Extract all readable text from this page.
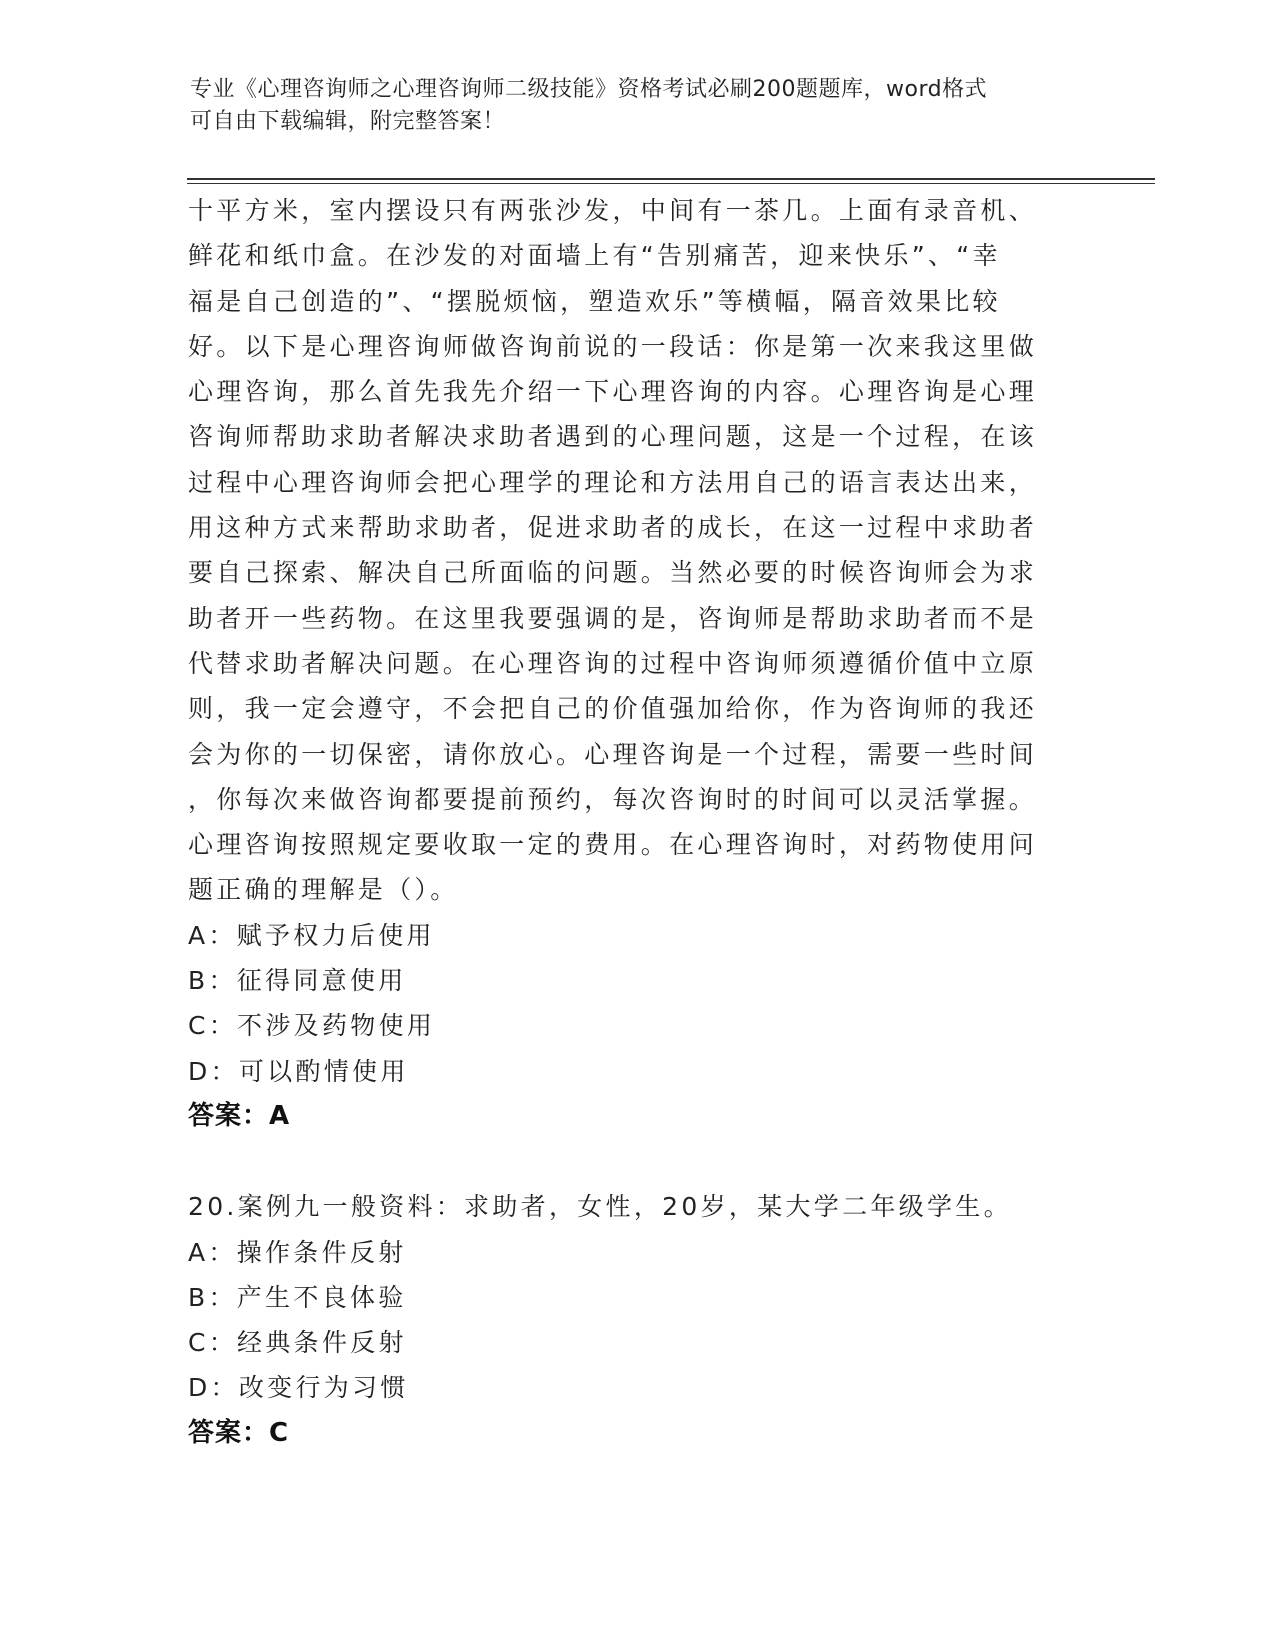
专业《心理咨询师之心理咨询师二级技能》资格考试必刷200题题库，word格式
可自由下载编辑，附完整答案！
十平方米，室内摆设只有两张沙发，中间有一茶几。上面有录音机、
鲜花和纸巾盒。在沙发的对面墙上有“告别痛苦，迎来快乐”、“幸
福是自己创造的”、“摆脱烦恼，塑造欢乐”等横幅，隔音效果比较
好。以下是心理咨询师做咨询前说的一段话：你是第一次来我这里做
心理咨询，那么首先我先介绍一下心理咨询的内容。心理咨询是心理
咨询师帮助求助者解决求助者遇到的心理问题，这是一个过程，在该
过程中心理咨询师会把心理学的理论和方法用自己的语言表达出来，
用这种方式来帮助求助者，促进求助者的成长，在这一过程中求助者
要自己探索、解决自己所面临的问题。当然必要的时候咨询师会为求
助者开一些药物。在这里我要强调的是，咨询师是帮助求助者而不是
代替求助者解决问题。在心理咨询的过程中咨询师须遵循价值中立原
则，我一定会遵守，不会把自己的价值强加给你，作为咨询师的我还
会为你的一切保密，请你放心。心理咨询是一个过程，需要一些时间
，你每次来做咨询都要提前预约，每次咨询时的时间可以灵活掌握。
心理咨询按照规定要收取一定的费用。在心理咨询时，对药物使用问
题正确的理解是（）。
A：赋予权力后使用
B：征得同意使用
C：不涉及药物使用
D：可以酌情使用
答案：A
20.案例九一般资料：求助者，女性，20岁，某大学二年级学生。
A：操作条件反射
B：产生不良体验
C：经典条件反射
D：改变行为习惯
答案：C
